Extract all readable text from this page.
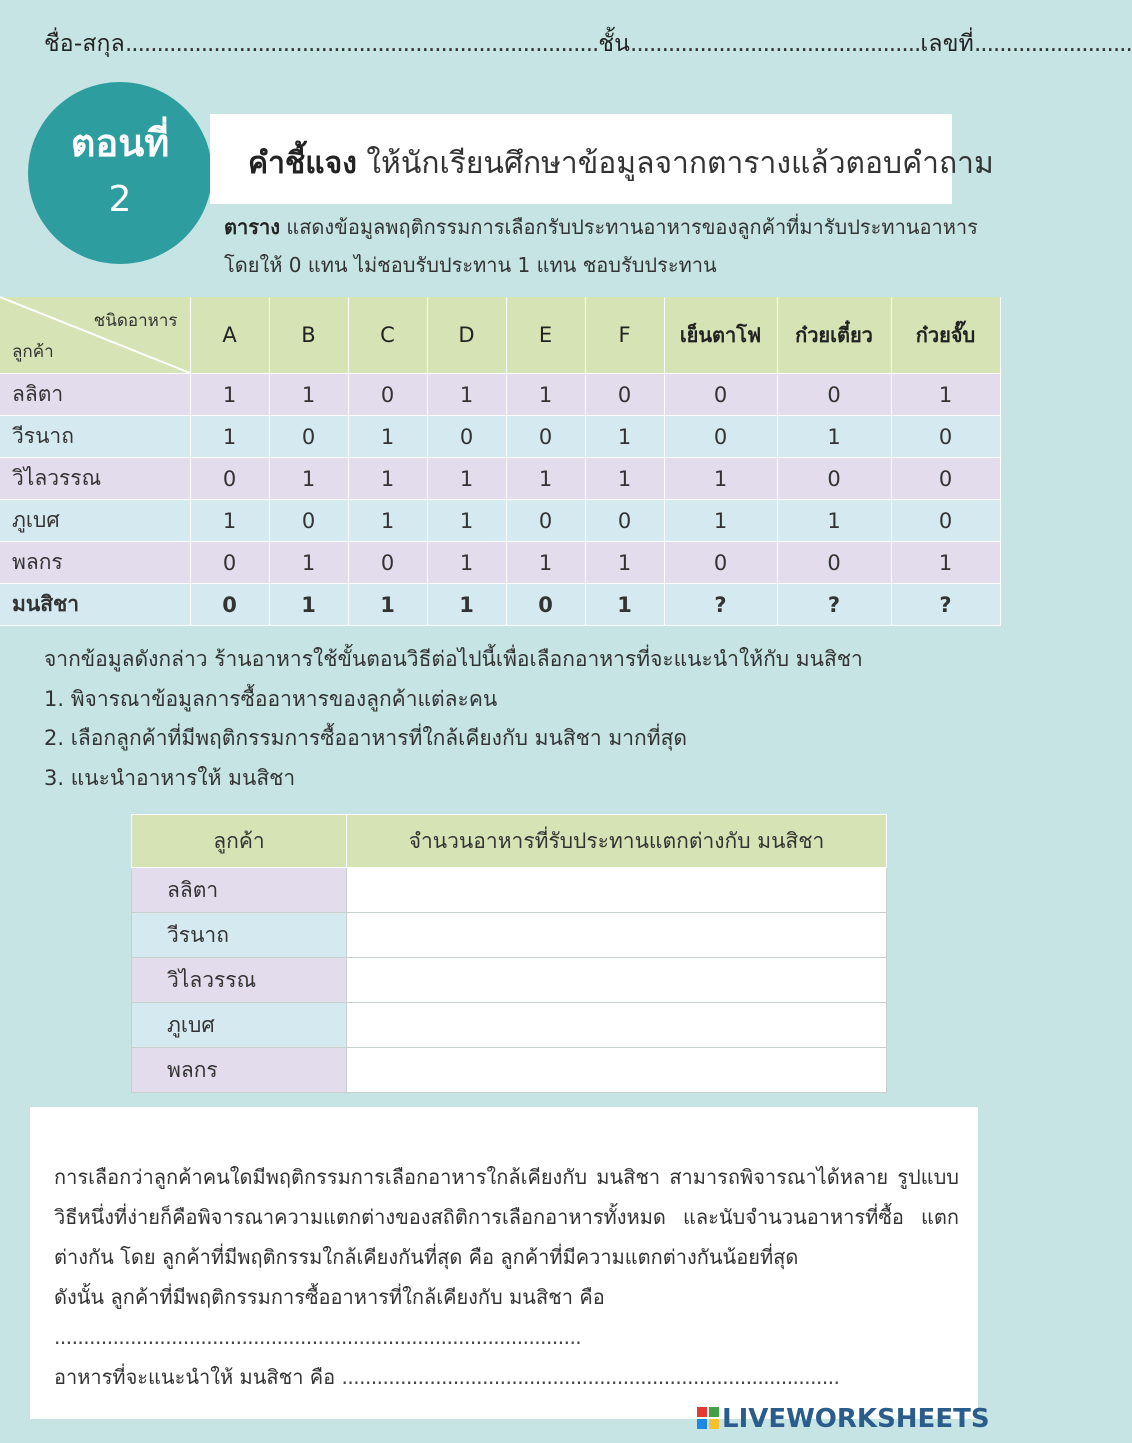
ชื่อ-สกุล...........................................................................ชั้น..............................................เลขที่.........................
ตอนที่
2
คำชี้แจง ให้นักเรียนศึกษาข้อมูลจากตารางแล้วตอบคำถาม
ตาราง แสดงข้อมูลพฤติกรรมการเลือกรับประทานอาหารของลูกค้าที่มารับประทานอาหาร
โดยให้ 0 แทน ไม่ชอบรับประทาน 1 แทน ชอบรับประทาน
ชนิดอาหาร
ลูกค้า	A	B	C	D	E	F	เย็นตาโฟ	ก๋วยเตี๋ยว	ก๋วยจั๊บ
ลลิตา	1	1	0	1	1	0	0	0	1
วีรนาถ	1	0	1	0	0	1	0	1	0
วิไลวรรณ	0	1	1	1	1	1	1	0	0
ภูเบศ	1	0	1	1	0	0	1	1	0
พลกร	0	1	0	1	1	1	0	0	1
มนสิชา	0	1	1	1	0	1	?	?	?
จากข้อมูลดังกล่าว ร้านอาหารใช้ขั้นตอนวิธีต่อไปนี้เพื่อเลือกอาหารที่จะแนะนำให้กับ มนสิชา
1. พิจารณาข้อมูลการซื้ออาหารของลูกค้าแต่ละคน
2. เลือกลูกค้าที่มีพฤติกรรมการซื้ออาหารที่ใกล้เคียงกับ มนสิชา มากที่สุด
3. แนะนำอาหารให้ มนสิชา
ลูกค้า	จำนวนอาหารที่รับประทานแตกต่างกับ มนสิชา
ลลิตา	
วีรนาถ	
วิไลวรรณ	
ภูเบศ	
พลกร	
การเลือกว่าลูกค้าคนใดมีพฤติกรรมการเลือกอาหารใกล้เคียงกับ มนสิชา สามารถพิจารณาได้หลาย รูปแบบ วิธีหนึ่งที่ง่ายก็คือพิจารณาความแตกต่างของสถิติการเลือกอาหารทั้งหมด และนับจำนวนอาหารที่ซื้อ แตกต่างกัน โดย ลูกค้าที่มีพฤติกรรมใกล้เคียงกันที่สุด คือ ลูกค้าที่มีความแตกต่างกันน้อยที่สุด
ดังนั้น ลูกค้าที่มีพฤติกรรมการซื้ออาหารที่ใกล้เคียงกับ มนสิชา คือ ..........................................................................................
อาหารที่จะแนะนำให้ มนสิชา คือ .....................................................................................
LIVEWORKSHEETS
